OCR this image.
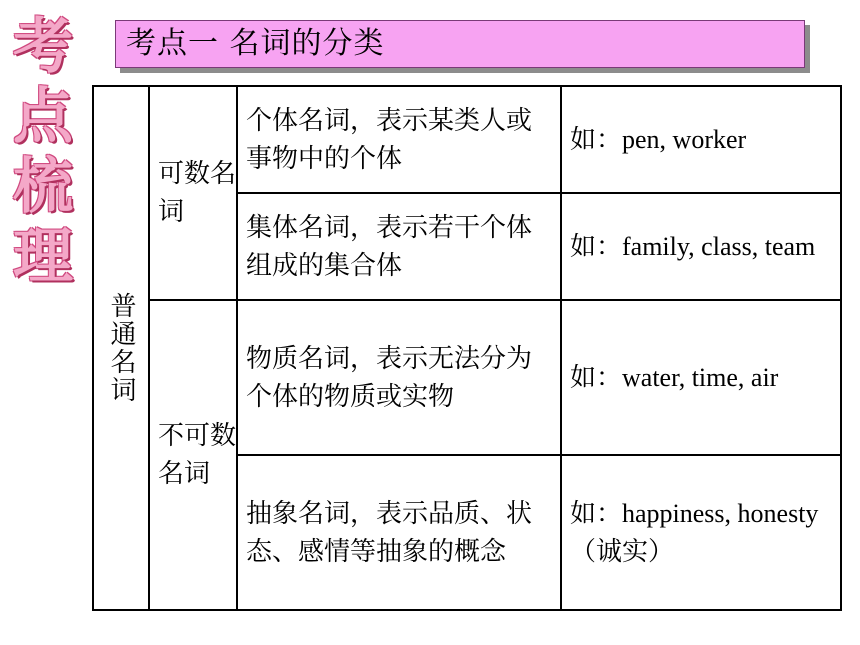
考
点
梳
理
考点一 名词的分类
普通名词	可数名词	个体名词，表示某类人或事物中的个体	如：pen, worker
		集体名词，表示若干个体组成的集合体	如：family, class, team
	不可数名词	物质名词，表示无法分为个体的物质或实物	如：water, time, air
		抽象名词，表示品质、状态、感情等抽象的概念	如：happiness, honesty（诚实）
